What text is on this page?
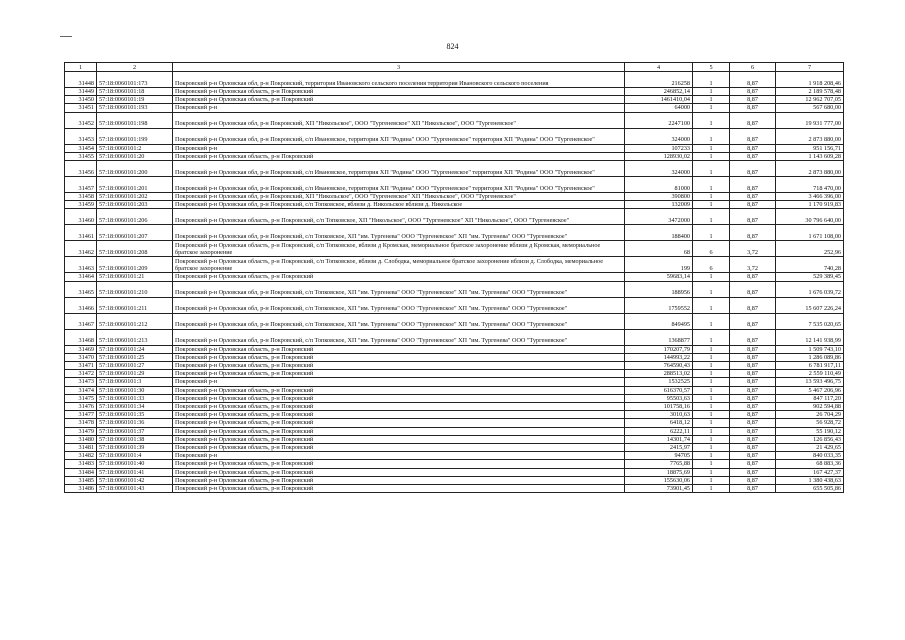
824
1	2	3	4	5	6	7
31448	57:18:0060101:173	Покровский р-н Орловская обл, р-н Покровский, территория Ивановского сельского поселения территория Ивановского сельского поселения	216258	1	8,87	1 918 208,46
31449	57:18:0060101:18	Покровский р-н Орловская область, р-н Покровский	246852,14	1	8,87	2 189 578,48
31450	57:18:0060101:19	Покровский р-н Орловская область, р-н Покровский	1461410,04	1	8,87	12 962 707,05
31451	57:18:0060101:193	Покровский р-н	64000	1	8,87	567 680,00
31452	57:18:0060101:198	Покровский р-н Орловская обл, р-н Покровский, ХП "Никольское", ООО "Тургеневское" ХП "Никольское", ООО "Тургеневское"	2247100	1	8,87	19 931 777,00
31453	57:18:0060101:199	Покровский р-н Орловская обл, р-н Покровский, с/п Ивановское, территория ХП "Родина" ООО "Тургеневское" территория ХП "Родина" ООО "Тургеневское"	324000	1	8,87	2 873 880,00
31454	57:18:0060101:2	Покровский р-н	107233	1	8,87	951 156,71
31455	57:18:0060101:20	Покровский р-н Орловская область, р-н Покровский	128930,02	1	8,87	1 143 609,28
31456	57:18:0060101:200	Покровский р-н Орловская обл, р-н Покровский, с/п Ивановское, территория ХП "Родина" ООО "Тургеневское" территория ХП "Родина" ООО "Тургеневское"	324000	1	8,87	2 873 880,00
31457	57:18:0060101:201	Покровский р-н Орловская обл, р-н Покровский, с/п Ивановское, территория ХП "Родина" ООО "Тургеневское" территория ХП "Родина" ООО "Тургеневское"	81000	1	8,87	718 470,00
31458	57:18:0060101:202	Покровский р-н Орловская обл, р-н Покровский, ХП "Никольское", ООО "Тургеневское" ХП "Никольское", ООО "Тургеневское"	390800	1	8,87	3 466 396,00
31459	57:18:0060101:203	Покровский р-н Орловская обл, р-н Покровский, с/п Топковское, вблизи д. Никольское вблизи д. Никольское	132009	1	8,87	1 170 919,83
31460	57:18:0060101:206	Покровский р-н Орловская область, р-н Покровский, с/п Топковское, ХП "Никольское", ООО "Тургеневское" ХП "Никольское", ООО "Тургеневское"	3472000	1	8,87	30 796 640,00
31461	57:18:0060101:207	Покровский р-н Орловская обл, р-н Покровский, с/п Топковское, ХП "им. Тургенева" ООО "Тургеневское" ХП "им. Тургенева" ООО "Тургеневское"	188400	1	8,87	1 671 108,00
31462	57:18:0060101:208	Покровский р-н Орловская область, р-н Покровский, с/п Топковское, вблизи д Кромская, мемориальное братское захоронение вблизи д Кромская, мемориальное братское захоронение	68	6	3,72	252,96
31463	57:18:0060101:209	Покровский р-н Орловская область, р-н Покровский, с/п Топковское, вблизи д. Слободка, мемориальное братское захоронение вблизи д. Слободка, мемориальное братское захоронение	199	6	3,72	740,28
31464	57:18:0060101:21	Покровский р-н Орловская область, р-н Покровский	59683,14	1	8,87	529 389,45
31465	57:18:0060101:210	Покровский р-н Орловская обл, р-н Покровский, с/п Топковское, ХП "им. Тургенева" ООО "Тургеневское" ХП "им. Тургенева" ООО "Тургеневское"	188956	1	8,87	1 676 039,72
31466	57:18:0060101:211	Покровский р-н Орловская обл, р-н Покровский, с/п Топковское, ХП "им. Тургенева" ООО "Тургеневское" ХП "им. Тургенева" ООО "Тургеневское"	1759552	1	8,87	15 607 226,24
31467	57:18:0060101:212	Покровский р-н Орловская обл, р-н Покровский, с/п Топковское, ХП "им. Тургенева" ООО "Тургеневское" ХП "им. Тургенева" ООО "Тургеневское"	849495	1	8,87	7 535 020,65
31468	57:18:0060101:213	Покровский р-н Орловская обл, р-н Покровский, с/п Топковское, ХП "им. Тургенева" ООО "Тургеневское" ХП "им. Тургенева" ООО "Тургеневское"	1368877	1	8,87	12 141 938,99
31469	57:18:0060101:24	Покровский р-н Орловская область, р-н Покровский	170207,79	1	8,87	1 509 743,10
31470	57:18:0060101:25	Покровский р-н Орловская область, р-н Покровский	144993,22	1	8,87	1 286 089,86
31471	57:18:0060101:27	Покровский р-н Орловская область, р-н Покровский	764590,43	1	8,87	6 781 917,11
31472	57:18:0060101:29	Покровский р-н Орловская область, р-н Покровский	288513,02	1	8,87	2 559 110,49
31473	57:18:0060101:3	Покровский р-н	1532525	1	8,87	13 593 496,75
31474	57:18:0060101:30	Покровский р-н Орловская область, р-н Покровский	616370,57	1	8,87	5 467 206,96
31475	57:18:0060101:33	Покровский р-н Орловская область, р-н Покровский	95503,63	1	8,87	847 117,20
31476	57:18:0060101:34	Покровский р-н Орловская область, р-н Покровский	101758,16	1	8,87	902 594,88
31477	57:18:0060101:35	Покровский р-н Орловская область, р-н Покровский	3010,63	1	8,87	26 704,29
31478	57:18:0060101:36	Покровский р-н Орловская область, р-н Покровский	6418,12	1	8,87	56 928,72
31479	57:18:0060101:37	Покровский р-н Орловская область, р-н Покровский	6222,11	1	8,87	55 190,12
31480	57:18:0060101:38	Покровский р-н Орловская область, р-н Покровский	14301,74	1	8,87	126 856,43
31481	57:18:0060101:39	Покровский р-н Орловская область, р-н Покровский	2415,97	1	8,87	21 429,65
31482	57:18:0060101:4	Покровский р-н	94705	1	8,87	840 033,35
31483	57:18:0060101:40	Покровский р-н Орловская область, р-н Покровский	7765,88	1	8,87	68 883,36
31484	57:18:0060101:41	Покровский р-н Орловская область, р-н Покровский	18875,69	1	8,87	167 427,37
31485	57:18:0060101:42	Покровский р-н Орловская область, р-н Покровский	155630,06	1	8,87	1 380 438,63
31486	57:18:0060101:43	Покровский р-н Орловская область, р-н Покровский	73901,45	1	8,87	655 505,86
